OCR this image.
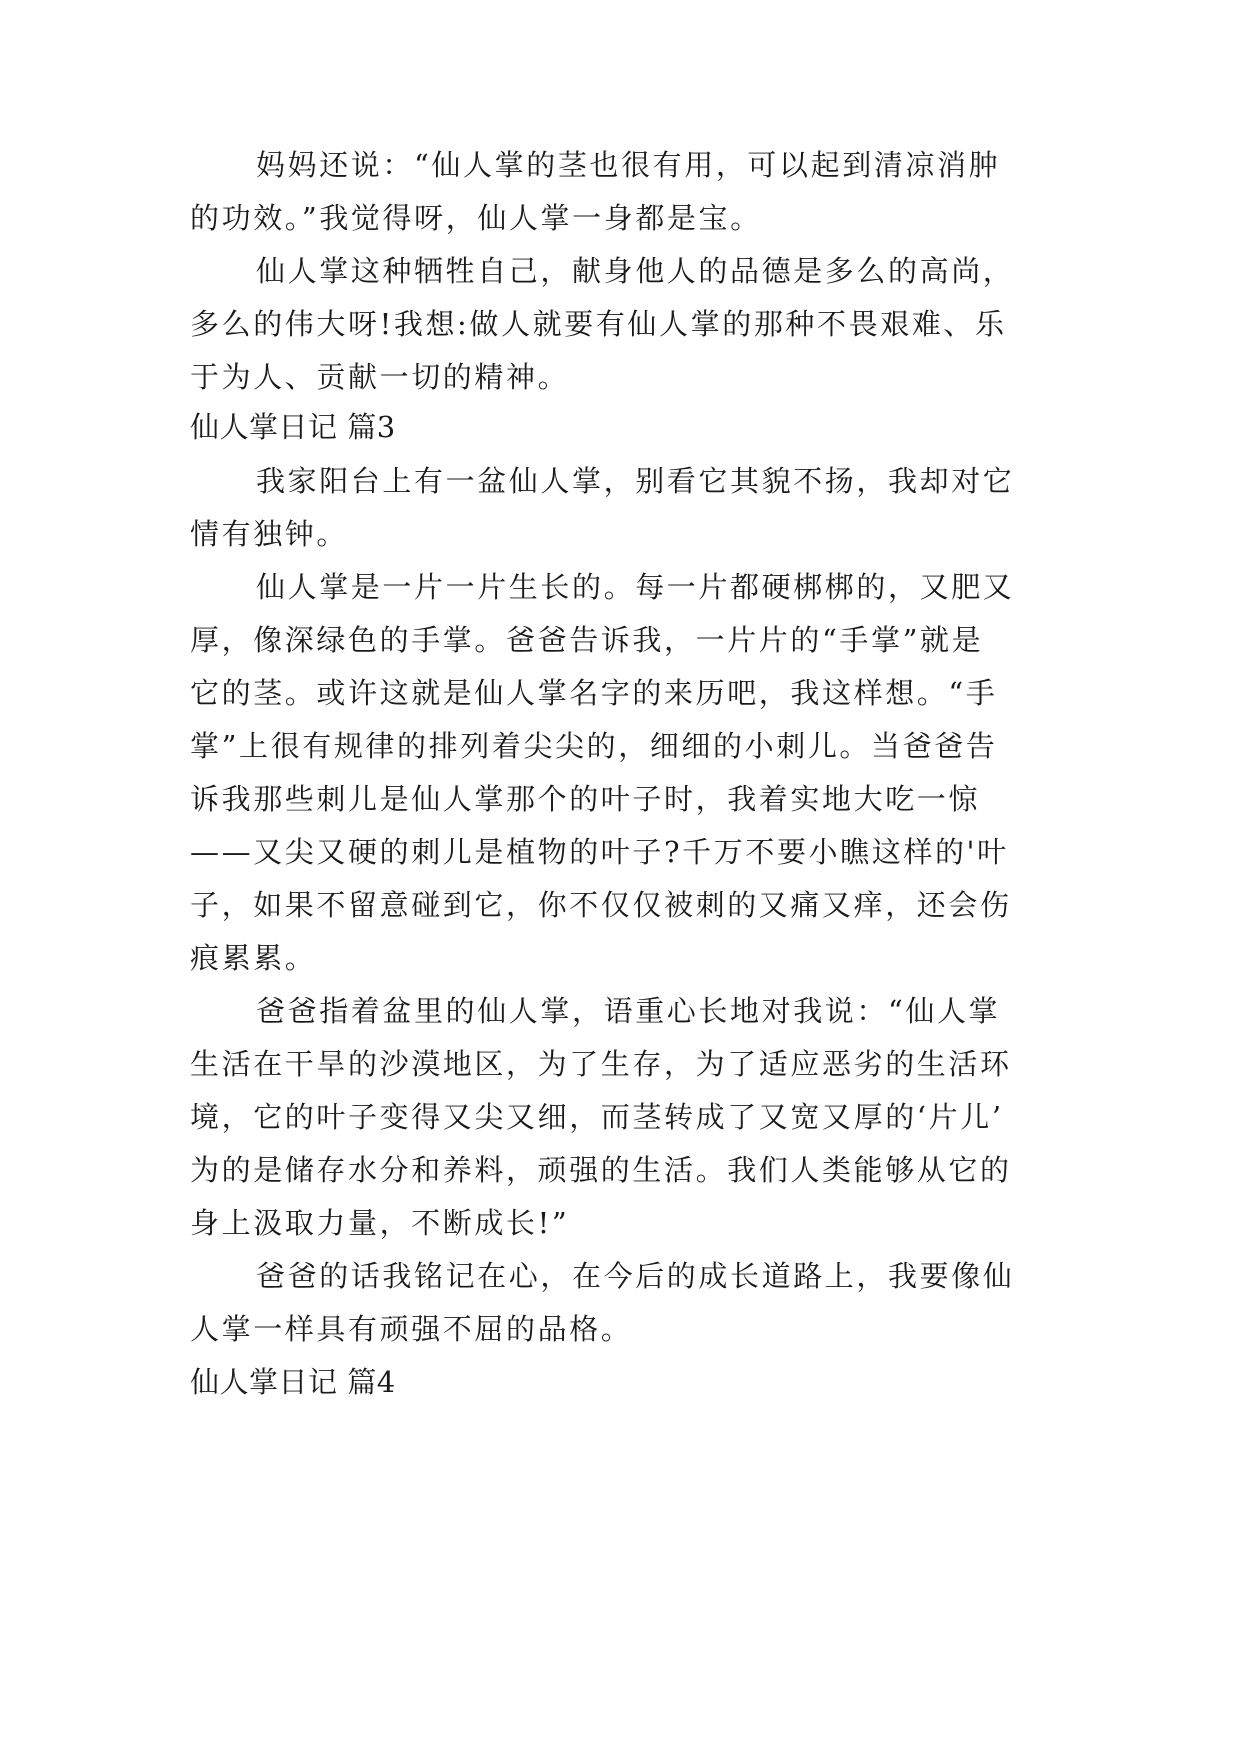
妈妈还说：“仙人掌的茎也很有用，可以起到清凉消肿
的功效。”我觉得呀，仙人掌一身都是宝。
仙人掌这种牺牲自己，献身他人的品德是多么的高尚，
多么的伟大呀!我想:做人就要有仙人掌的那种不畏艰难、乐
于为人、贡献一切的精神。
仙人掌日记 篇3
我家阳台上有一盆仙人掌，别看它其貌不扬，我却对它
情有独钟。
仙人掌是一片一片生长的。每一片都硬梆梆的，又肥又
厚，像深绿色的手掌。爸爸告诉我，一片片的“手掌”就是
它的茎。或许这就是仙人掌名字的来历吧，我这样想。“手
掌”上很有规律的排列着尖尖的，细细的小刺儿。当爸爸告
诉我那些刺儿是仙人掌那个的叶子时，我着实地大吃一惊
——又尖又硬的刺儿是植物的叶子?千万不要小瞧这样的'叶
子，如果不留意碰到它，你不仅仅被刺的又痛又痒，还会伤
痕累累。
爸爸指着盆里的仙人掌，语重心长地对我说：“仙人掌
生活在干旱的沙漠地区，为了生存，为了适应恶劣的生活环
境，它的叶子变得又尖又细，而茎转成了又宽又厚的‘片儿’
为的是储存水分和养料，顽强的生活。我们人类能够从它的
身上汲取力量，不断成长!”
爸爸的话我铭记在心，在今后的成长道路上，我要像仙
人掌一样具有顽强不屈的品格。
仙人掌日记 篇4
